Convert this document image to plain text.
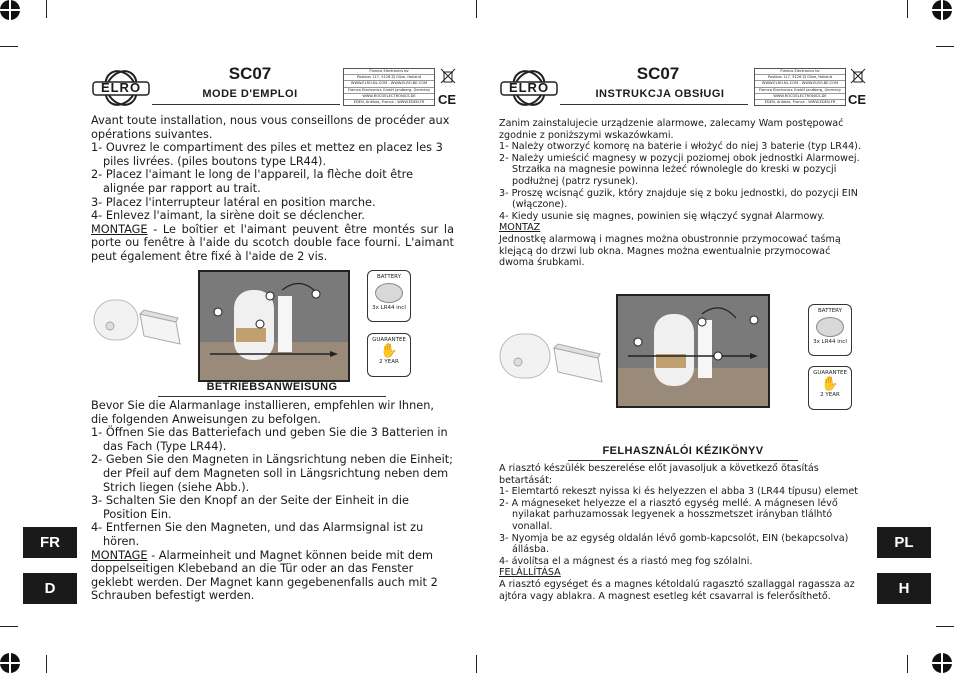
ELRO
SC07
MODE D'EMPLOI
Flamco Electronics bv
Postbus 117, 5126 ZJ Gilze, Holland
WWW.ELRO.NL.COM - WWW.ELRO.BE.COM
Flamco Electronics GmbH Jandberg, Germany
WWW.ROCOELECTRONICS.DE
EDEN, Antibes, France - WWW.EDEN.FR	CE
Avant toute installation, nous vous conseillons de procéder aux opérations suivantes.
1- Ouvrez le compartiment des piles et mettez en placez les 3 piles livrées. (piles boutons type LR44).
2- Placez l'aimant le long de l'appareil, la flèche doit être alignée par rapport au trait.
3- Placez l'interrupteur latéral en position marche.
4- Enlevez l'aimant, la sirène doit se déclencher.
MONTAGE - Le boîtier et l'aimant peuvent être montés sur la porte ou fenêtre à l'aide du scotch double face fourni. L'aimant peut également être fixé à l'aide de 2 vis.
BATTERY
3x LR44 incl
GUARANTEE
✋
2 YEAR
BETRIEBSANWEISUNG
Bevor Sie die Alarmanlage installieren, empfehlen wir Ihnen, die folgenden Anweisungen zu befolgen.
1- Öffnen Sie das Batteriefach und geben Sie die 3 Batterien in das Fach (Type LR44).
2- Geben Sie den Magneten in Längsrichtung neben die Einheit; der Pfeil auf dem Magneten soll in Längsrichtung neben dem Strich liegen (siehe Abb.).
3- Schalten Sie den Knopf an der Seite der Einheit in die Position Ein.
4- Entfernen Sie den Magneten, und das Alarmsignal ist zu hören.
MONTAGE - Alarmeinheit und Magnet können beide mit dem doppelseitigen Klebeband an die Tür oder an das Fenster geklebt werden. Der Magnet kann gegebenenfalls auch mit 2 Schrauben befestigt werden.
FR
D
ELRO
SC07
INSTRUKCJA OBSłUGI
Flamco Electronics bv
Postbus 117, 5126 ZJ Gilze, Holland
WWW.ELRO.NL.COM - WWW.ELRO.BE.COM
Flamco Electronics GmbH Jandberg, Germany
WWW.ROCOELECTRONICS.DE
EDEN, Antibes, France - WWW.EDEN.FR CE
Zanim zainstalujecie urządzenie alarmowe, zalecamy Wam postępować zgodnie z poniższymi wskazówkami.
1- Należy otworzyć komorę na baterie i włożyć do niej 3 baterie (typ LR44).
2- Należy umieścić magnesy w pozycji poziomej obok jednostki Alarmowej. Strzałka na magnesie powinna leżeć równolegle do kreski w pozycji podłużnej (patrz rysunek).
3- Proszę wcisnąć guzik, który znajduje się z boku jednostki, do pozycji EIN (włączone).
4- Kiedy usunie się magnes, powinien się włączyć sygnał Alarmowy.
MONTAZ
Jednostkę alarmową i magnes można obustronnie przymocować taśmą klejącą do drzwi lub okna. Magnes można ewentualnie przymocować dwoma śrubkami.
BATTERY
3x LR44 incl
GUARANTEE
✋
2 YEAR
FELHASZNÁLÓI KÉZIKÖNYV
A riasztó készülék beszerelése előt javasoljuk a következő ötasítás betartását:
1- Elemtartó rekeszt nyissa ki és helyezzen el abba 3 (LR44 típusu) elemet
2- A mágneseket helyezze el a riasztó egység mellé. A mágnesen lévő nyilakat parhuzamossak legyenek a hosszmetszet irányban tlálhtó vonallal.
3- Nyomja be az egység oldalán lévő gomb-kapcsolót, EIN (bekapcsolva) állásba.
4- ávolítsa el a mágnest és a riastó meg fog szólalni.
FELÁLLÍTÁSA
A riasztó egységet és a magnes kétoldalú ragasztó szallaggal ragassza az ajtóra vagy ablakra. A magnest esetleg két csavarral is felerősíthető.
PL
H
